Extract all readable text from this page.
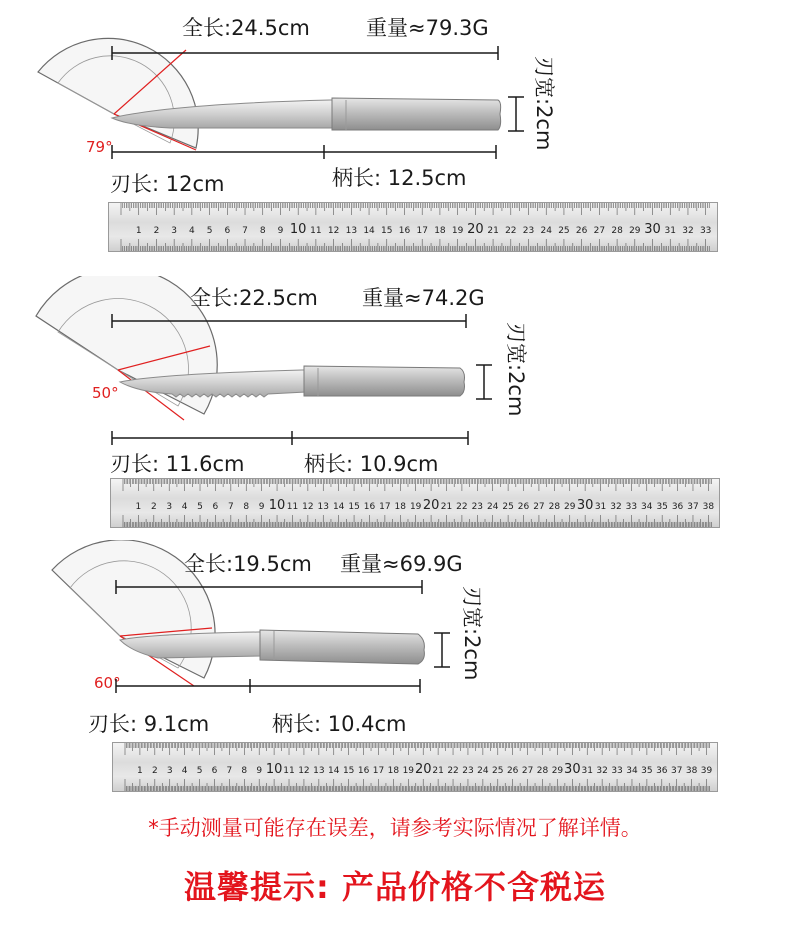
79°
全长:24.5cm	重量≈79.3G
刃宽:2cm
刃长: 12cm	柄长: 12.5cm
1 2 3 4 5 6 7 8 9 10 11 12 13 14 15 16 17 18 19 20 21 22 23 24 25 26 27 28 29 30 31 32 33
50°
全长:22.5cm 重量≈74.2G
刃宽:2cm
刃长: 11.6cm	柄长: 10.9cm
1 2 3 4 5 6 7 8 9 10 11 12 13 14 15 16 17 18 19 20 21 22 23 24 25 26 27 28 29 30 31 32 33 34 35 36 37 38
60°
全长:19.5cm 重量≈69.9G
刃宽:2cm
刃长: 9.1cm	柄长: 10.4cm
1 2 3 4 5 6 7 8 9 10 11 12 13 14 15 16 17 18 19 20 21 22 23 24 25 26 27 28 29 30 31 32 33 34 35 36 37 38 39
*手动测量可能存在误差，请参考实际情况了解详情。
温馨提示: 产品价格不含税运
